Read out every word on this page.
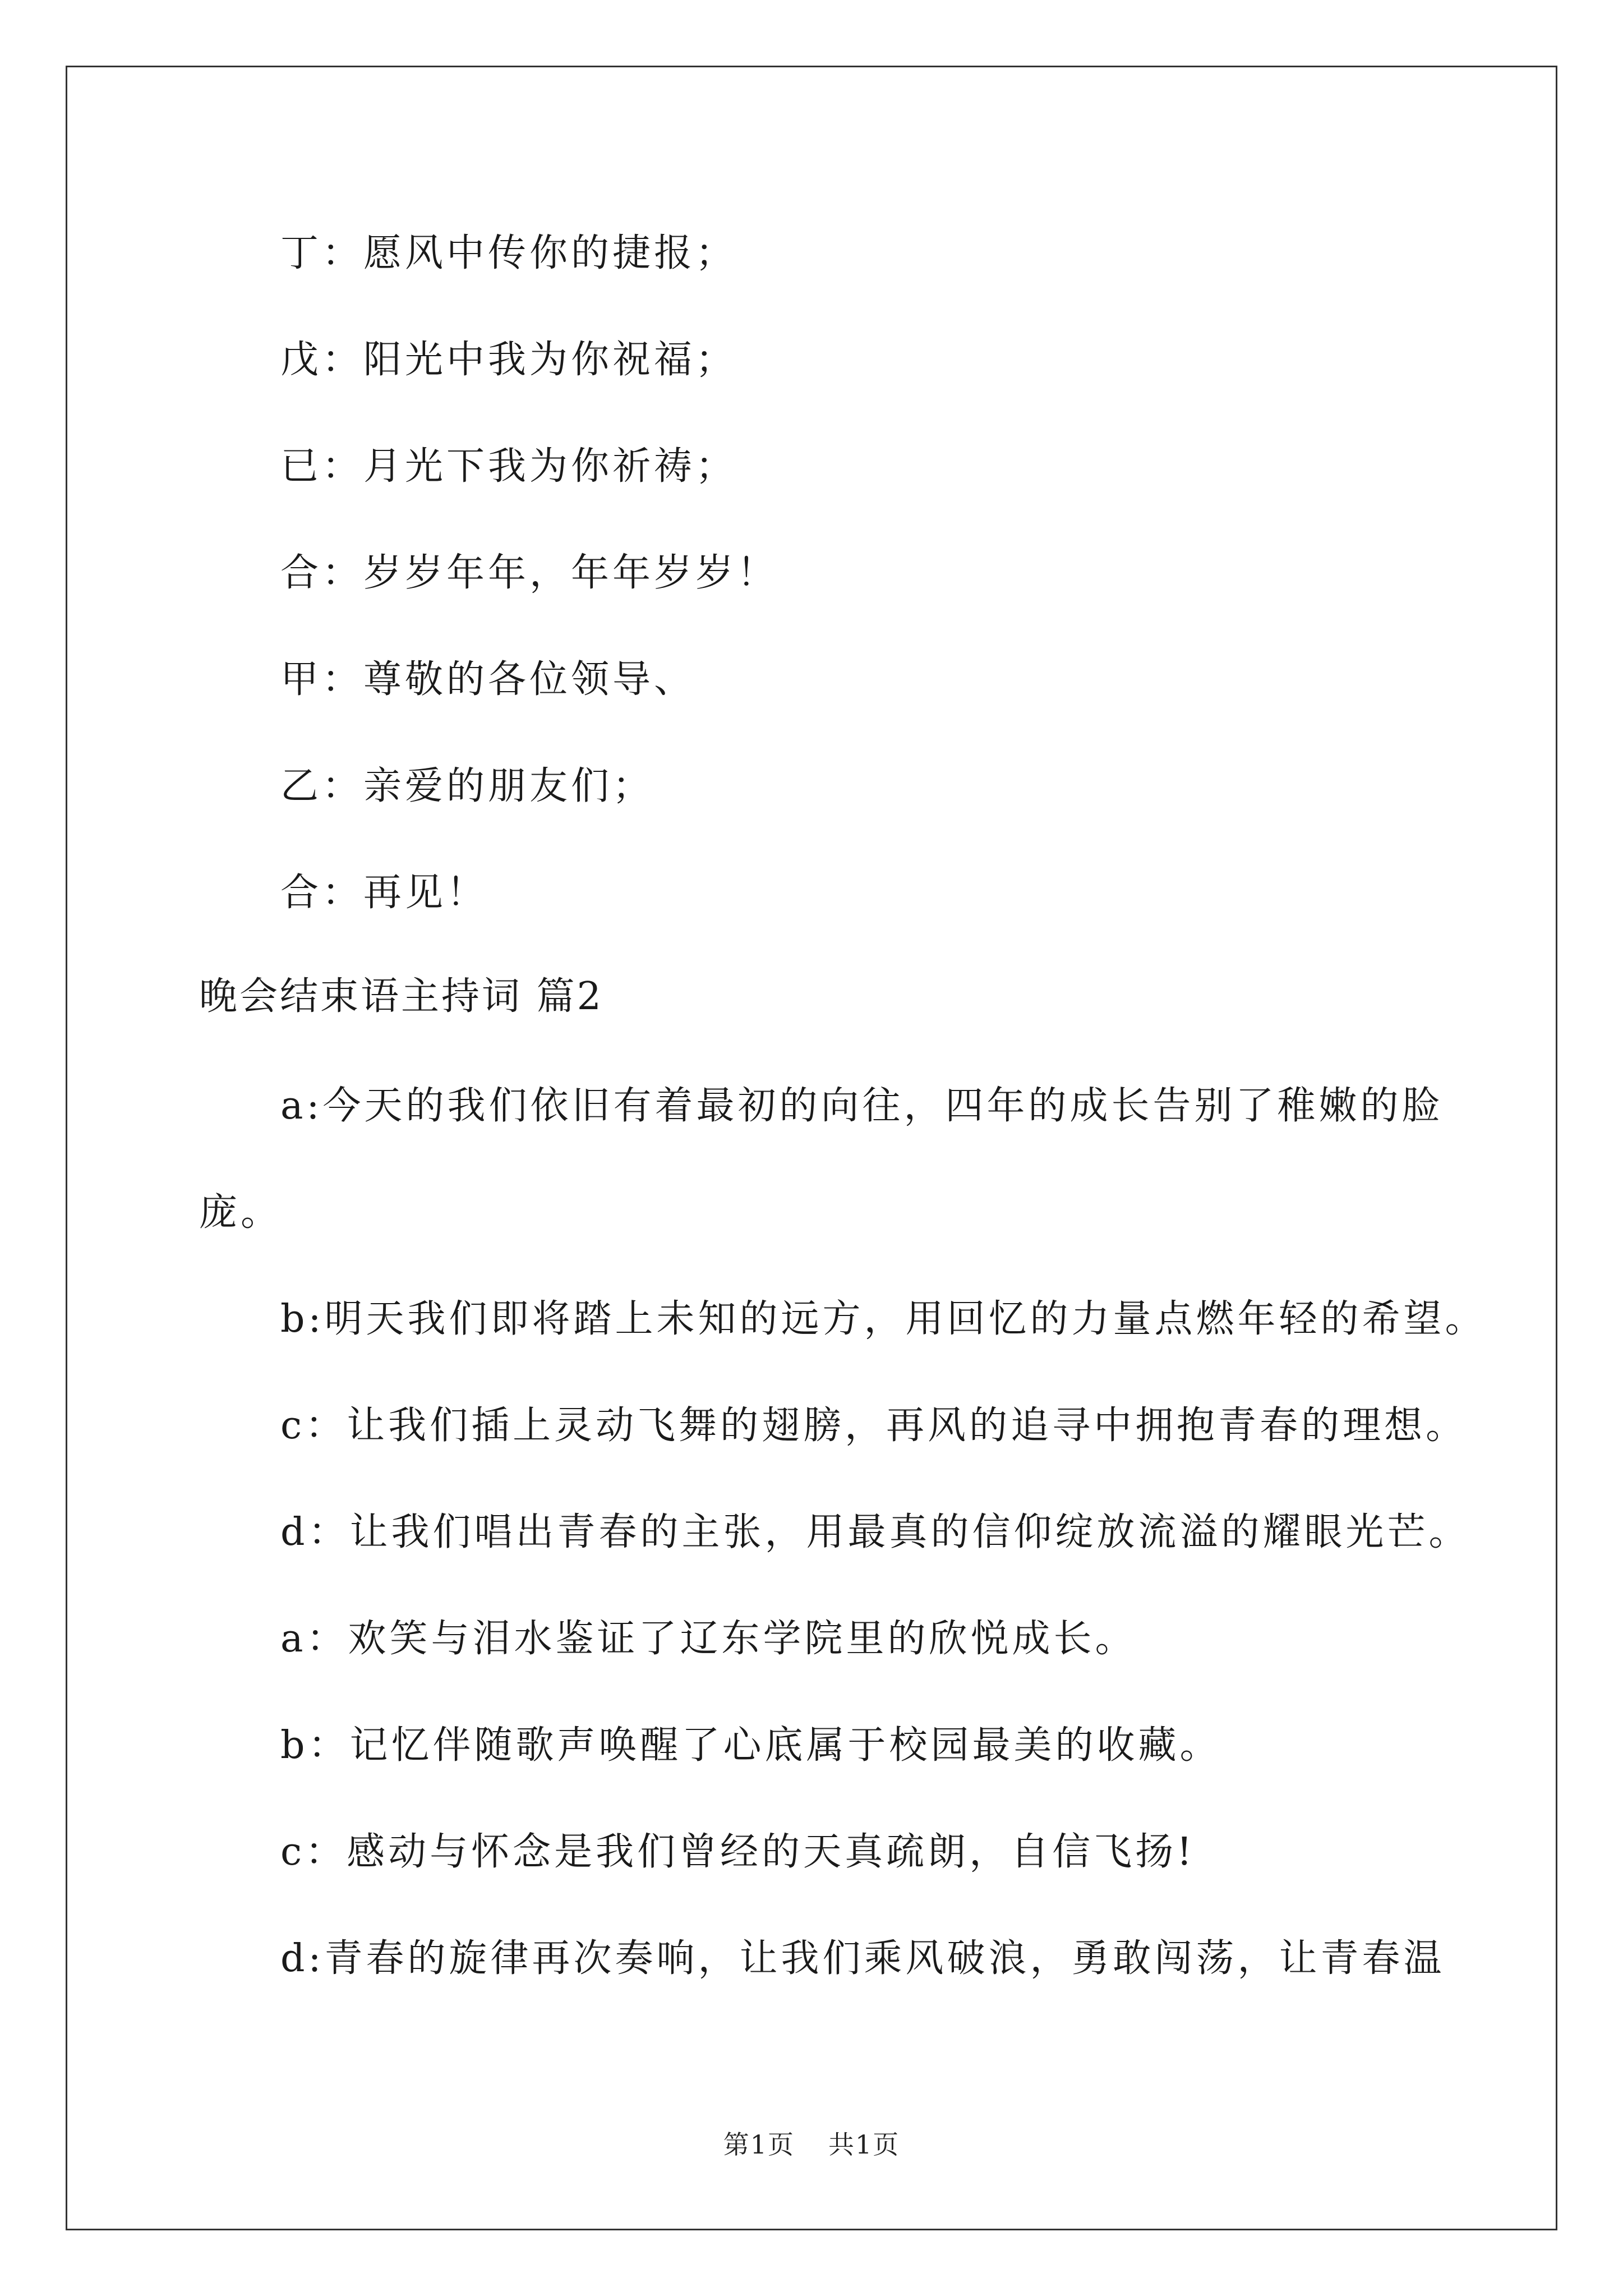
丁：愿风中传你的捷报；
戊：阳光中我为你祝福；
已：月光下我为你祈祷；
合：岁岁年年，年年岁岁！
甲：尊敬的各位领导、
乙：亲爱的朋友们；
合：再见！
晚会结束语主持词 篇2
a:今天的我们依旧有着最初的向往，四年的成长告别了稚嫩的脸
庞。
b:明天我们即将踏上未知的远方，用回忆的力量点燃年轻的希望。
c：让我们插上灵动飞舞的翅膀，再风的追寻中拥抱青春的理想。
d：让我们唱出青春的主张，用最真的信仰绽放流溢的耀眼光芒。
a：欢笑与泪水鉴证了辽东学院里的欣悦成长。
b：记忆伴随歌声唤醒了心底属于校园最美的收藏。
c：感动与怀念是我们曾经的天真疏朗，自信飞扬!
d:青春的旋律再次奏响，让我们乘风破浪，勇敢闯荡，让青春温
第1页 共1页
